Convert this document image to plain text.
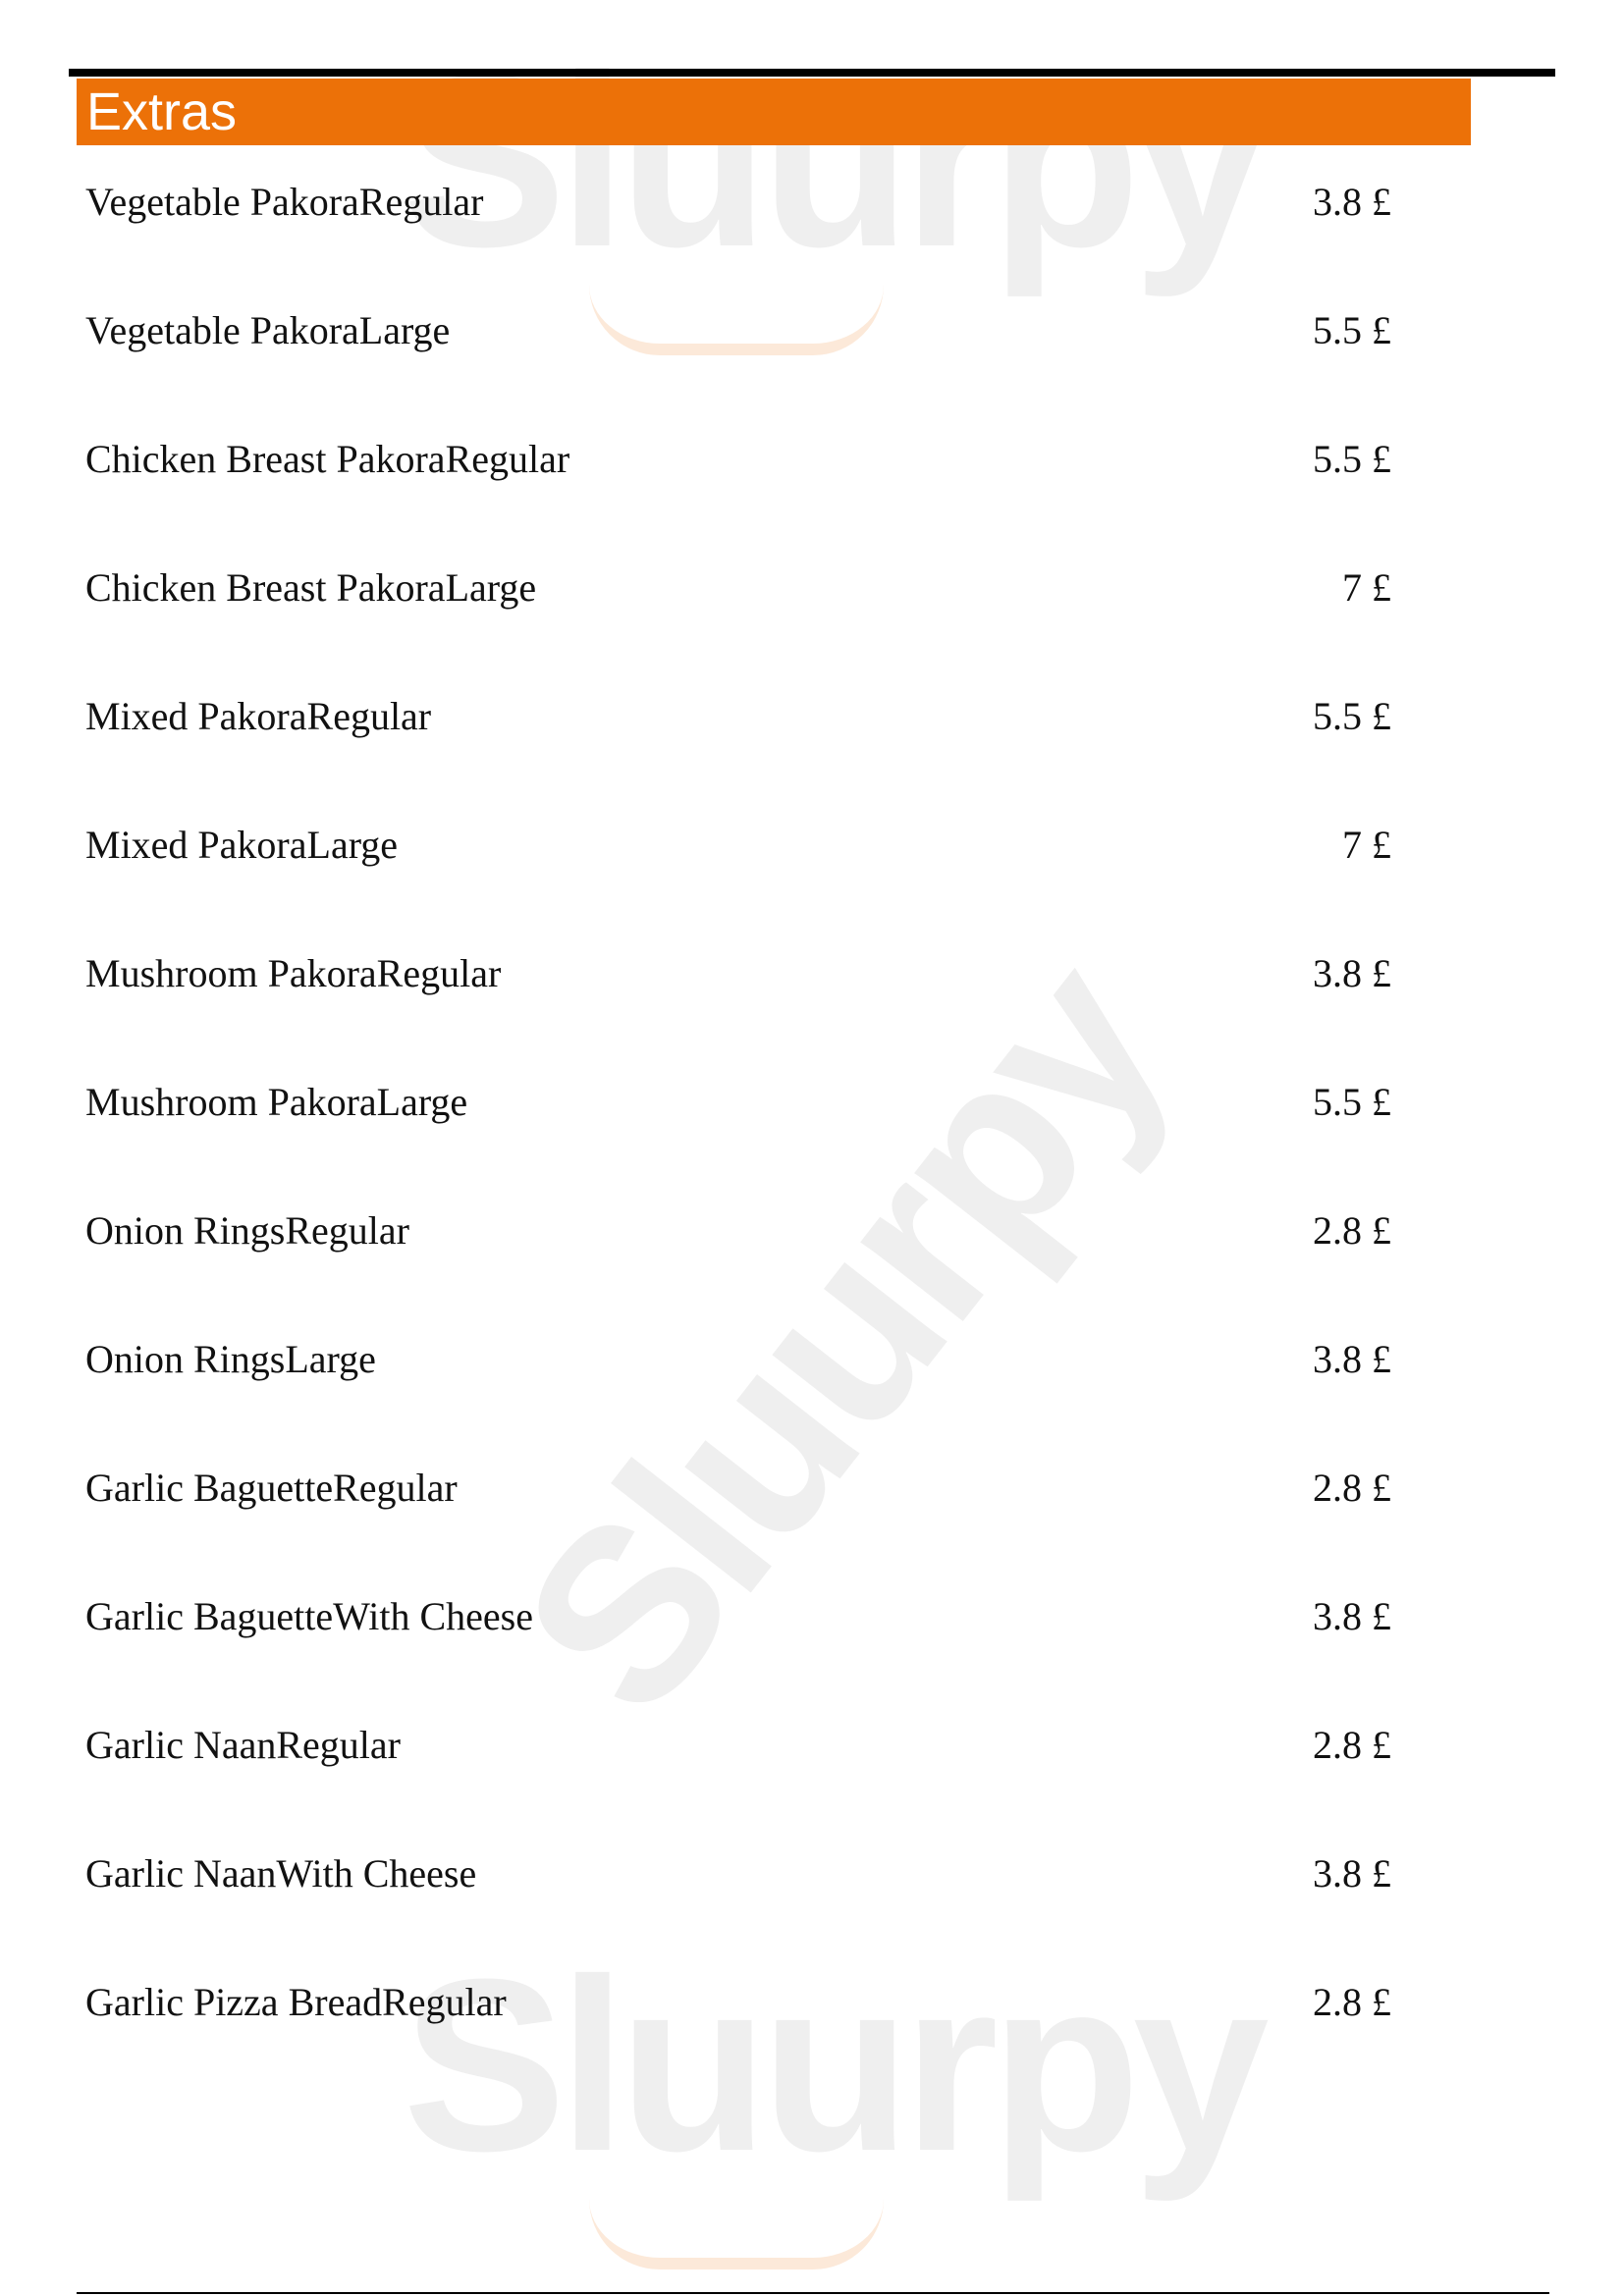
Sluurpy
Sluurpy
Sluurpy
Extras
Vegetable PakoraRegular	3.8 £
Vegetable PakoraLarge	5.5 £
Chicken Breast PakoraRegular	5.5 £
Chicken Breast PakoraLarge	7 £
Mixed PakoraRegular	5.5 £
Mixed PakoraLarge	7 £
Mushroom PakoraRegular	3.8 £
Mushroom PakoraLarge	5.5 £
Onion RingsRegular	2.8 £
Onion RingsLarge	3.8 £
Garlic BaguetteRegular	2.8 £
Garlic BaguetteWith Cheese	3.8 £
Garlic NaanRegular	2.8 £
Garlic NaanWith Cheese	3.8 £
Garlic Pizza BreadRegular	2.8 £
